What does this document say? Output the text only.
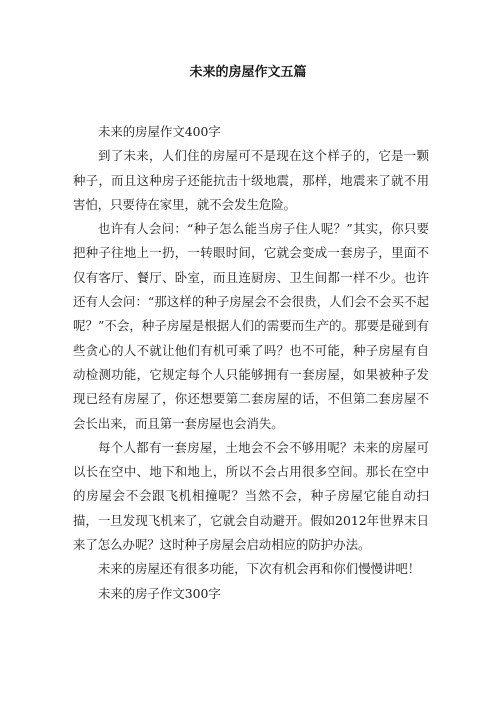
未来的房屋作文五篇

未来的房屋作文400字

到了未来，人们住的房屋可不是现在这个样子的，它是一颗种子，而且这种房子还能抗击十级地震，那样，地震来了就不用害怕，只要待在家里，就不会发生危险。

也许有人会问：“种子怎么能当房子住人呢？”其实，你只要把种子往地上一扔，一转眼时间，它就会变成一套房子，里面不仅有客厅、餐厅、卧室，而且连厨房、卫生间都一样不少。也许还有人会问：“那这样的种子房屋会不会很贵，人们会不会买不起呢？”不会，种子房屋是根据人们的需要而生产的。那要是碰到有些贪心的人不就让他们有机可乘了吗？也不可能，种子房屋有自动检测功能，它规定每个人只能够拥有一套房屋，如果被种子发现已经有房屋了，你还想要第二套房屋的话，不但第二套房屋不会长出来，而且第一套房屋也会消失。

每个人都有一套房屋，土地会不会不够用呢？未来的房屋可以长在空中、地下和地上，所以不会占用很多空间。那长在空中的房屋会不会跟飞机相撞呢？当然不会，种子房屋它能自动扫描，一旦发现飞机来了，它就会自动避开。假如2012年世界末日来了怎么办呢？这时种子房屋会启动相应的防护办法。

未来的房屋还有很多功能，下次有机会再和你们慢慢讲吧！

未来的房子作文300字
